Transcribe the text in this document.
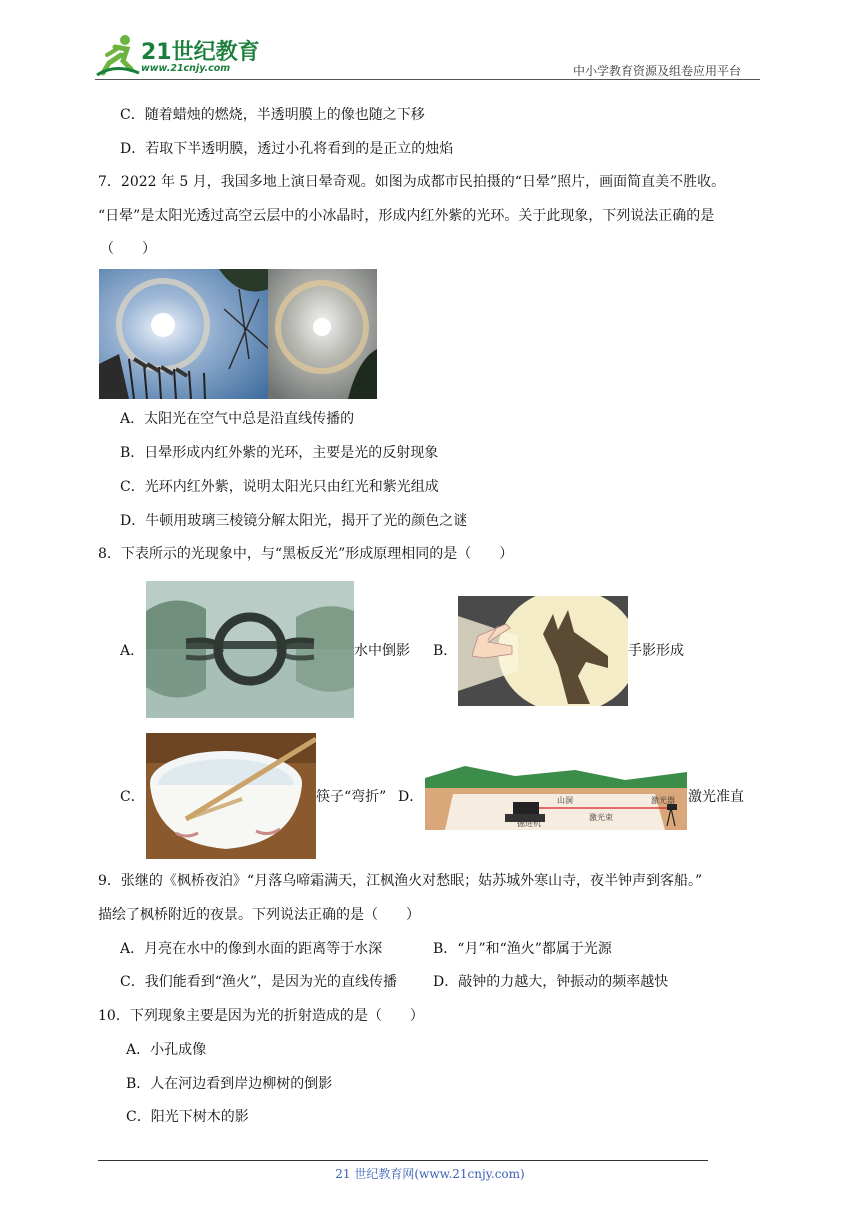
21世纪教育
www.21cnjy.com	中小学教育资源及组卷应用平台
C．随着蜡烛的燃烧，半透明膜上的像也随之下移
D．若取下半透明膜，透过小孔将看到的是正立的烛焰
7．2022 年 5 月，我国多地上演日晕奇观。如图为成都市民拍摄的“日晕”照片，画面简直美不胜收。
“日晕”是太阳光透过高空云层中的小冰晶时，形成内红外紫的光环。关于此现象，下列说法正确的是
（　　）
A．太阳光在空气中总是沿直线传播的
B．日晕形成内红外紫的光环，主要是光的反射现象
C．光环内红外紫，说明太阳光只由红光和紫光组成
D．牛顿用玻璃三棱镜分解太阳光，揭开了光的颜色之谜
8．下表所示的光现象中，与“黑板反光”形成原理相同的是（　　）
A．	水中倒影 B．	手影形成
C．	筷子“弯折” D．	山洞	激光器
掘进机
激光束
激光准直
9．张继的《枫桥夜泊》“月落乌啼霜满天，江枫渔火对愁眠；姑苏城外寒山寺，夜半钟声到客船。”
描绘了枫桥附近的夜景。下列说法正确的是（　　）
A．月亮在水中的像到水面的距离等于水深	B．“月”和“渔火”都属于光源
C．我们能看到“渔火”，是因为光的直线传播	D．敲钟的力越大，钟振动的频率越快
10．下列现象主要是因为光的折射造成的是（　　）
A．小孔成像
B．人在河边看到岸边柳树的倒影
C．阳光下树木的影
21 世纪教育网(www.21cnjy.com)
